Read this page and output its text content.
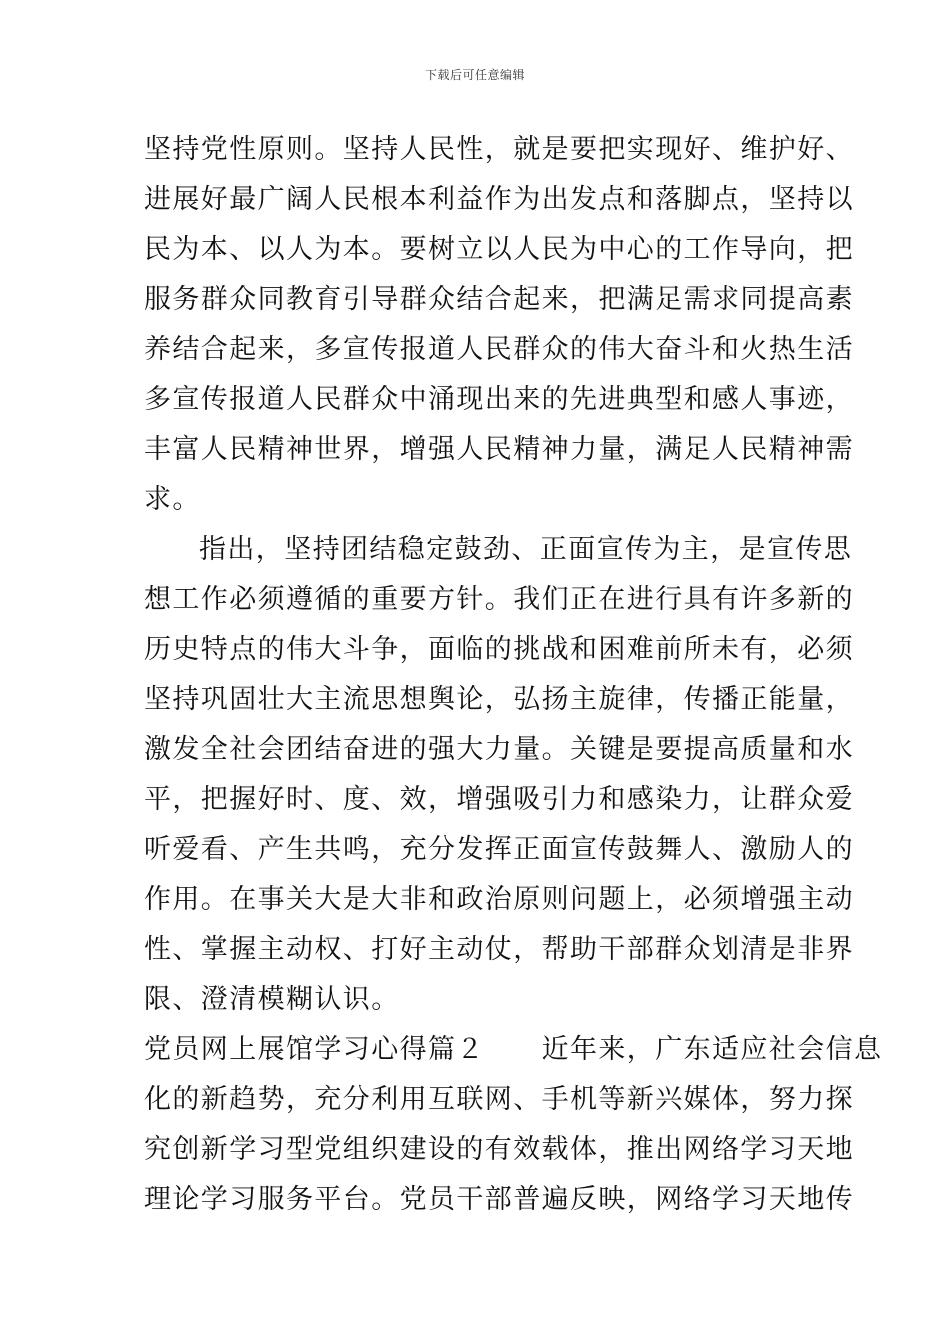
下载后可任意编辑
坚持党性原则。坚持人民性，就是要把实现好、维护好、
进展好最广阔人民根本利益作为出发点和落脚点，坚持以
民为本、以人为本。要树立以人民为中心的工作导向，把
服务群众同教育引导群众结合起来，把满足需求同提高素
养结合起来，多宣传报道人民群众的伟大奋斗和火热生活
多宣传报道人民群众中涌现出来的先进典型和感人事迹，
丰富人民精神世界，增强人民精神力量，满足人民精神需
求。
指出，坚持团结稳定鼓劲、正面宣传为主，是宣传思
想工作必须遵循的重要方针。我们正在进行具有许多新的
历史特点的伟大斗争，面临的挑战和困难前所未有，必须
坚持巩固壮大主流思想舆论，弘扬主旋律，传播正能量，
激发全社会团结奋进的强大力量。关键是要提高质量和水
平，把握好时、度、效，增强吸引力和感染力，让群众爱
听爱看、产生共鸣，充分发挥正面宣传鼓舞人、激励人的
作用。在事关大是大非和政治原则问题上，必须增强主动
性、掌握主动权、打好主动仗，帮助干部群众划清是非界
限、澄清模糊认识。
党员网上展馆学习心得篇２　　近年来，广东适应社会信息
化的新趋势，充分利用互联网、手机等新兴媒体，努力探
究创新学习型党组织建设的有效载体，推出网络学习天地
理论学习服务平台。党员干部普遍反映，网络学习天地传
